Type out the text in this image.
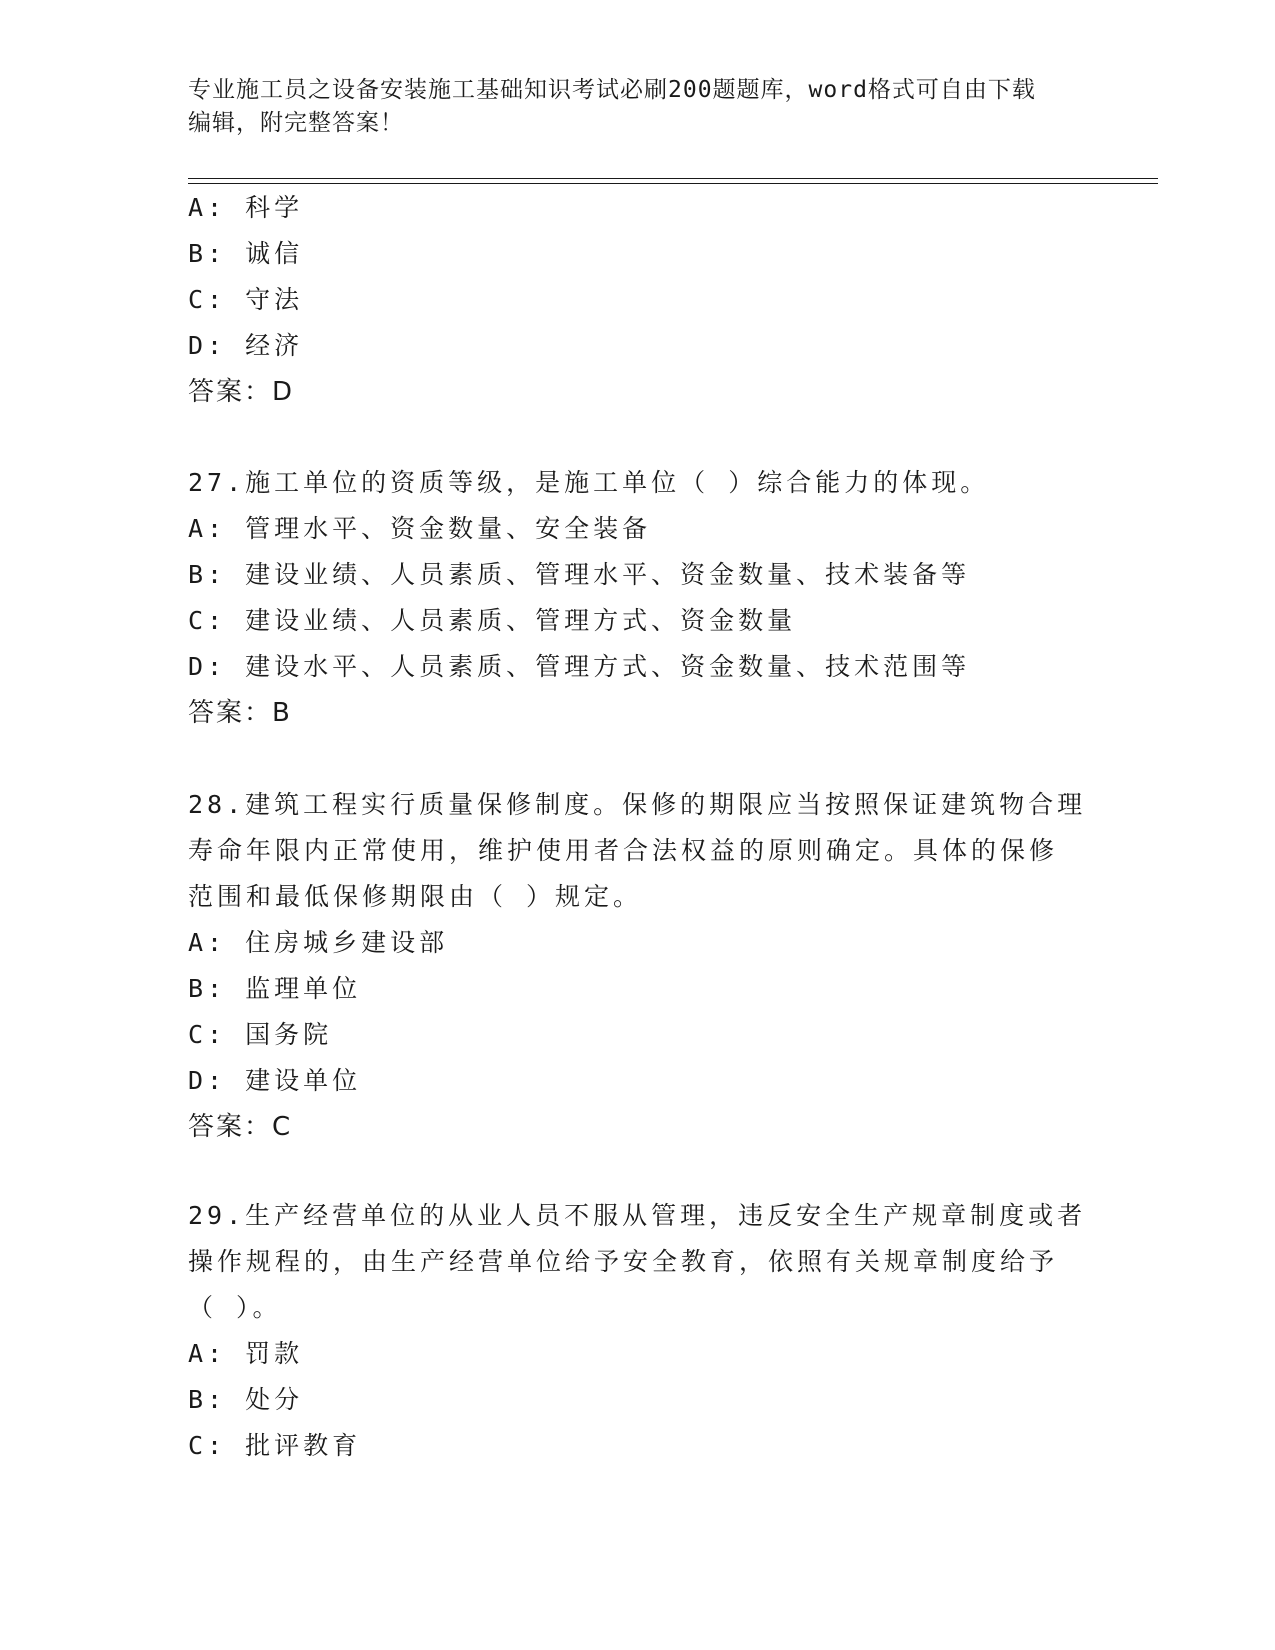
专业施工员之设备安装施工基础知识考试必刷200题题库，word格式可自由下载
编辑，附完整答案！
A: 科学
B: 诚信
C: 守法
D: 经济
答案：D
27.施工单位的资质等级，是施工单位（ ）综合能力的体现。
A: 管理水平、资金数量、安全装备
B: 建设业绩、人员素质、管理水平、资金数量、技术装备等
C: 建设业绩、人员素质、管理方式、资金数量
D: 建设水平、人员素质、管理方式、资金数量、技术范围等
答案：B
28.建筑工程实行质量保修制度。保修的期限应当按照保证建筑物合理
寿命年限内正常使用，维护使用者合法权益的原则确定。具体的保修
范围和最低保修期限由（ ）规定。
A: 住房城乡建设部
B: 监理单位
C: 国务院
D: 建设单位
答案：C
29.生产经营单位的从业人员不服从管理，违反安全生产规章制度或者
操作规程的，由生产经营单位给予安全教育，依照有关规章制度给予
（ ）。
A: 罚款
B: 处分
C: 批评教育
